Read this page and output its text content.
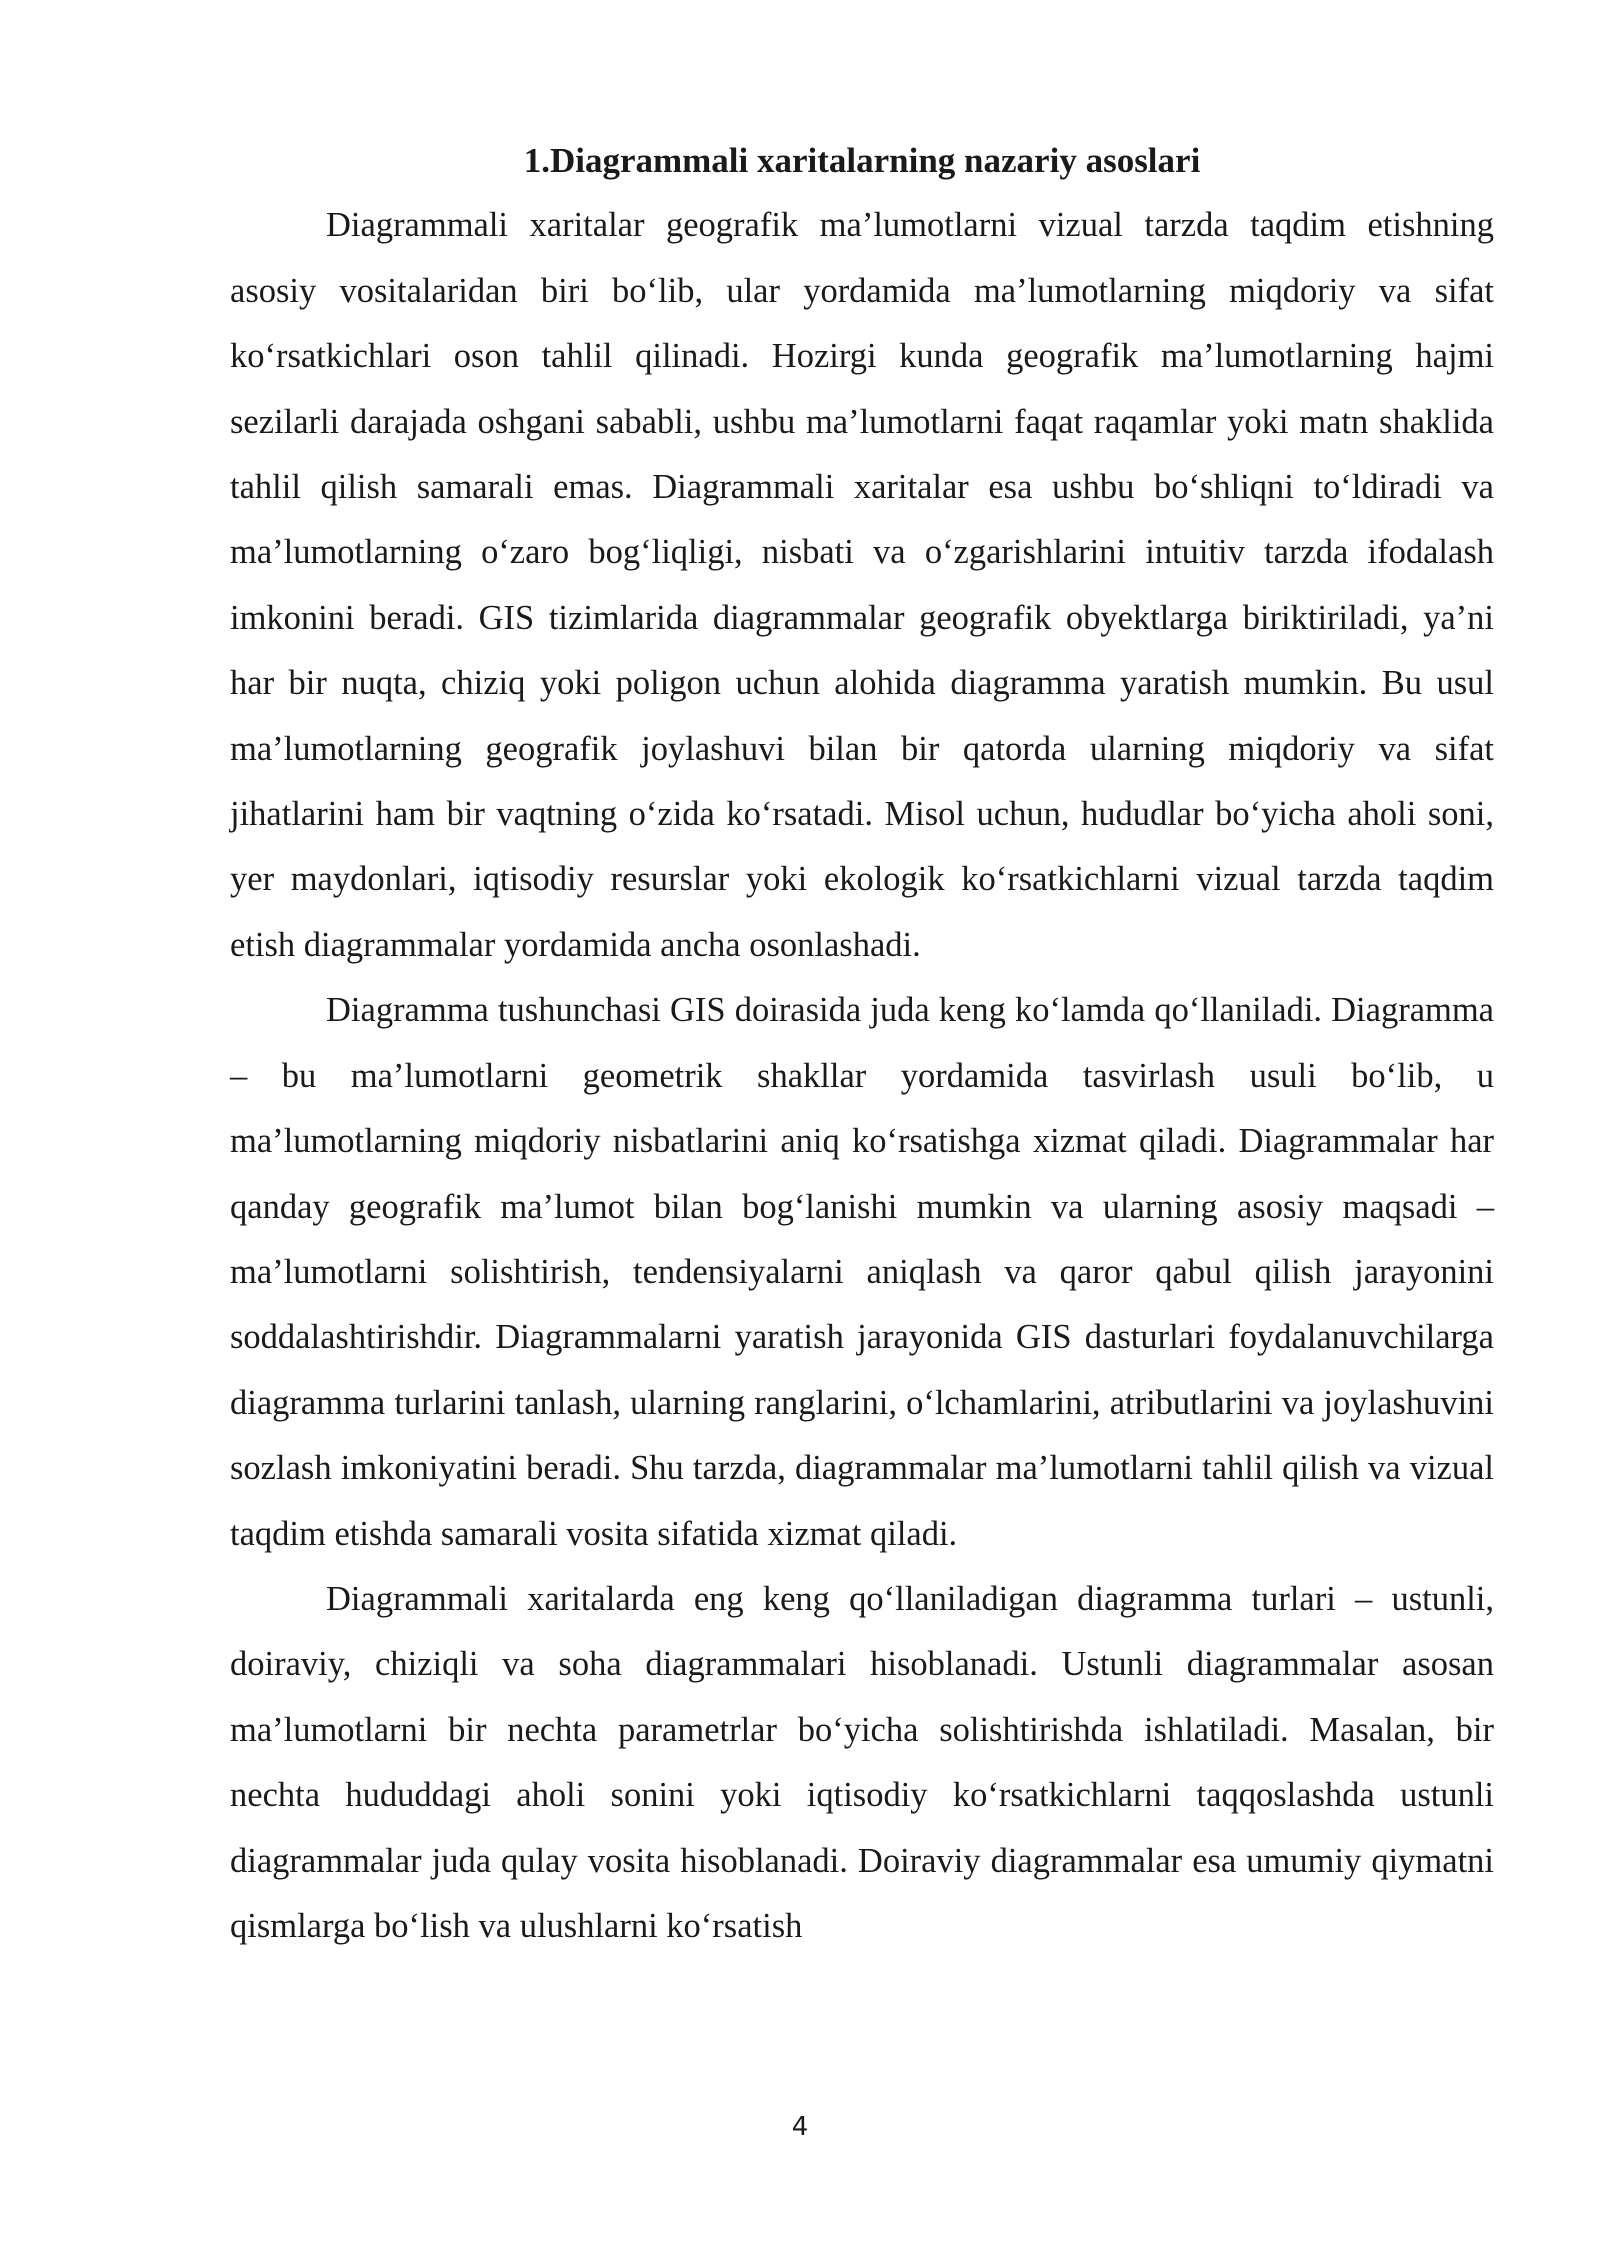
1.Diagrammali xaritalarning nazariy asoslari

Diagrammali xaritalar geografik ma’lumotlarni vizual tarzda taqdim etishning asosiy vositalaridan biri bo‘lib, ular yordamida ma’lumotlarning miqdoriy va sifat ko‘rsatkichlari oson tahlil qilinadi. Hozirgi kunda geografik ma’lumotlarning hajmi sezilarli darajada oshgani sababli, ushbu ma’lumotlarni faqat raqamlar yoki matn shaklida tahlil qilish samarali emas. Diagrammali xaritalar esa ushbu bo‘shliqni to‘ldiradi va ma’lumotlarning o‘zaro bog‘liqligi, nisbati va o‘zgarishlarini intuitiv tarzda ifodalash imkonini beradi. GIS tizimlarida diagrammalar geografik obyektlarga biriktiriladi, ya’ni har bir nuqta, chiziq yoki poligon uchun alohida diagramma yaratish mumkin. Bu usul ma’lumotlarning geografik joylashuvi bilan bir qatorda ularning miqdoriy va sifat jihatlarini ham bir vaqtning o‘zida ko‘rsatadi. Misol uchun, hududlar bo‘yicha aholi soni, yer maydonlari, iqtisodiy resurslar yoki ekologik ko‘rsatkichlarni vizual tarzda taqdim etish diagrammalar yordamida ancha osonlashadi.

Diagramma tushunchasi GIS doirasida juda keng ko‘lamda qo‘llaniladi. Diagramma – bu ma’lumotlarni geometrik shakllar yordamida tasvirlash usuli bo‘lib, u ma’lumotlarning miqdoriy nisbatlarini aniq ko‘rsatishga xizmat qiladi. Diagrammalar har qanday geografik ma’lumot bilan bog‘lanishi mumkin va ularning asosiy maqsadi – ma’lumotlarni solishtirish, tendensiyalarni aniqlash va qaror qabul qilish jarayonini soddalashtirishdir. Diagrammalarni yaratish jarayonida GIS dasturlari foydalanuvchilarga diagramma turlarini tanlash, ularning ranglarini, o‘lchamlarini, atributlarini va joylashuvini sozlash imkoniyatini beradi. Shu tarzda, diagrammalar ma’lumotlarni tahlil qilish va vizual taqdim etishda samarali vosita sifatida xizmat qiladi.

Diagrammali xaritalarda eng keng qo‘llaniladigan diagramma turlari – ustunli, doiraviy, chiziqli va soha diagrammalari hisoblanadi. Ustunli diagrammalar asosan ma’lumotlarni bir nechta parametrlar bo‘yicha solishtirishda ishlatiladi. Masalan, bir nechta hududdagi aholi sonini yoki iqtisodiy ko‘rsatkichlarni taqqoslashda ustunli diagrammalar juda qulay vosita hisoblanadi. Doiraviy diagrammalar esa umumiy qiymatni qismlarga bo‘lish va ulushlarni ko‘rsatish

4
